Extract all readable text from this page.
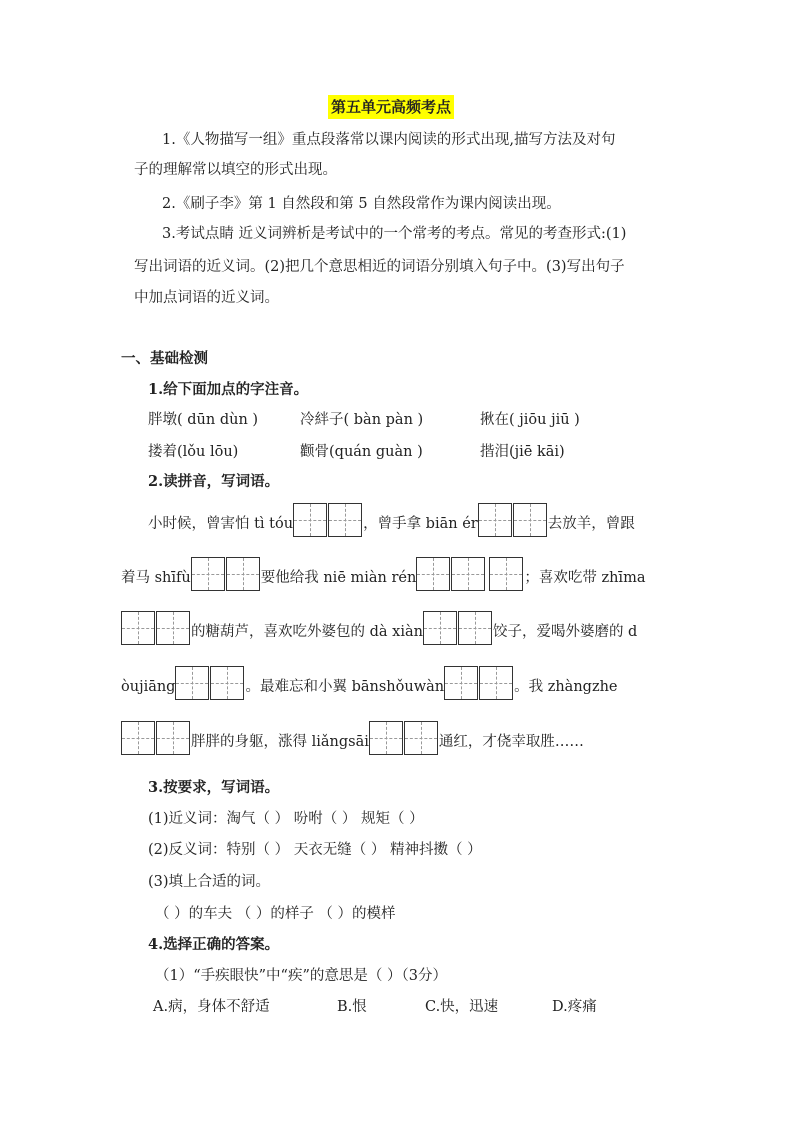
第五单元高频考点
1.《人物描写一组》重点段落常以课内阅读的形式出现,描写方法及对句
子的理解常以填空的形式出现。
2.《刷子李》第 1 自然段和第 5 自然段常作为课内阅读出现。
3.考试点睛 近义词辨析是考试中的一个常考的考点。常见的考查形式:(1)
写出词语的近义词。(2)把几个意思相近的词语分别填入句子中。(3)写出句子
中加点词语的近义词。
一、基础检测
1.给下面加点的字注音。
胖墩( dūn dùn )	冷絆子( bàn pàn )	揪在( jiōu jiū )
搂着(lǒu lōu)	颧骨(quán guàn )	揩泪(jiē kāi)
2.读拼音，写词语。
小时候，曾害怕 tì tóu	，曾手拿 biān ér	去放羊，曾跟
着马 shīfù	要他给我 niē miàn rén	；喜欢吃带 zhīma
的糖葫芦，喜欢吃外婆包的 dà xiàn	饺子，爱喝外婆磨的 d
òujiāng	。最难忘和小翼 bānshǒuwàn	。我 zhàngzhe
胖胖的身躯，涨得 liǎngsāi	通红，才侥幸取胜……
3.按要求，写词语。
(1)近义词：淘气（ ） 吩咐（ ） 规矩（ ）
(2)反义词：特别（ ） 天衣无缝（ ） 精神抖擞（ ）
(3)填上合适的词。
（ ）的车夫 （ ）的样子 （ ）的模样
4.选择正确的答案。
（1）“手疾眼快”中“疾”的意思是（ ）（3分）
A.病，身体不舒适	B.恨	C.快，迅速	D.疼痛
